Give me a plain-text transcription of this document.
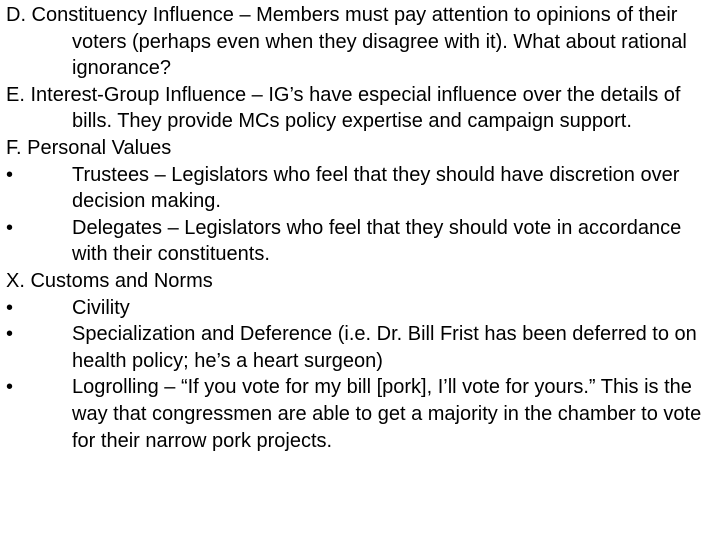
D. Constituency Influence – Members must pay attention to opinions of their voters (perhaps even when they disagree with it). What about rational ignorance?
E. Interest-Group Influence – IG’s have especial influence over the details of bills. They provide MCs policy expertise and campaign support.
F. Personal Values
•	Trustees – Legislators who feel that they should have discretion over decision making.
•	Delegates – Legislators who feel that they should vote in accordance with their constituents.
X. Customs and Norms
•	Civility
•	Specialization and Deference (i.e. Dr. Bill Frist has been deferred to on health policy; he’s a heart surgeon)
•	Logrolling – “If you vote for my bill [pork], I’ll vote for yours.” This is the way that congressmen are able to get a majority in the chamber to vote for their narrow pork projects.
